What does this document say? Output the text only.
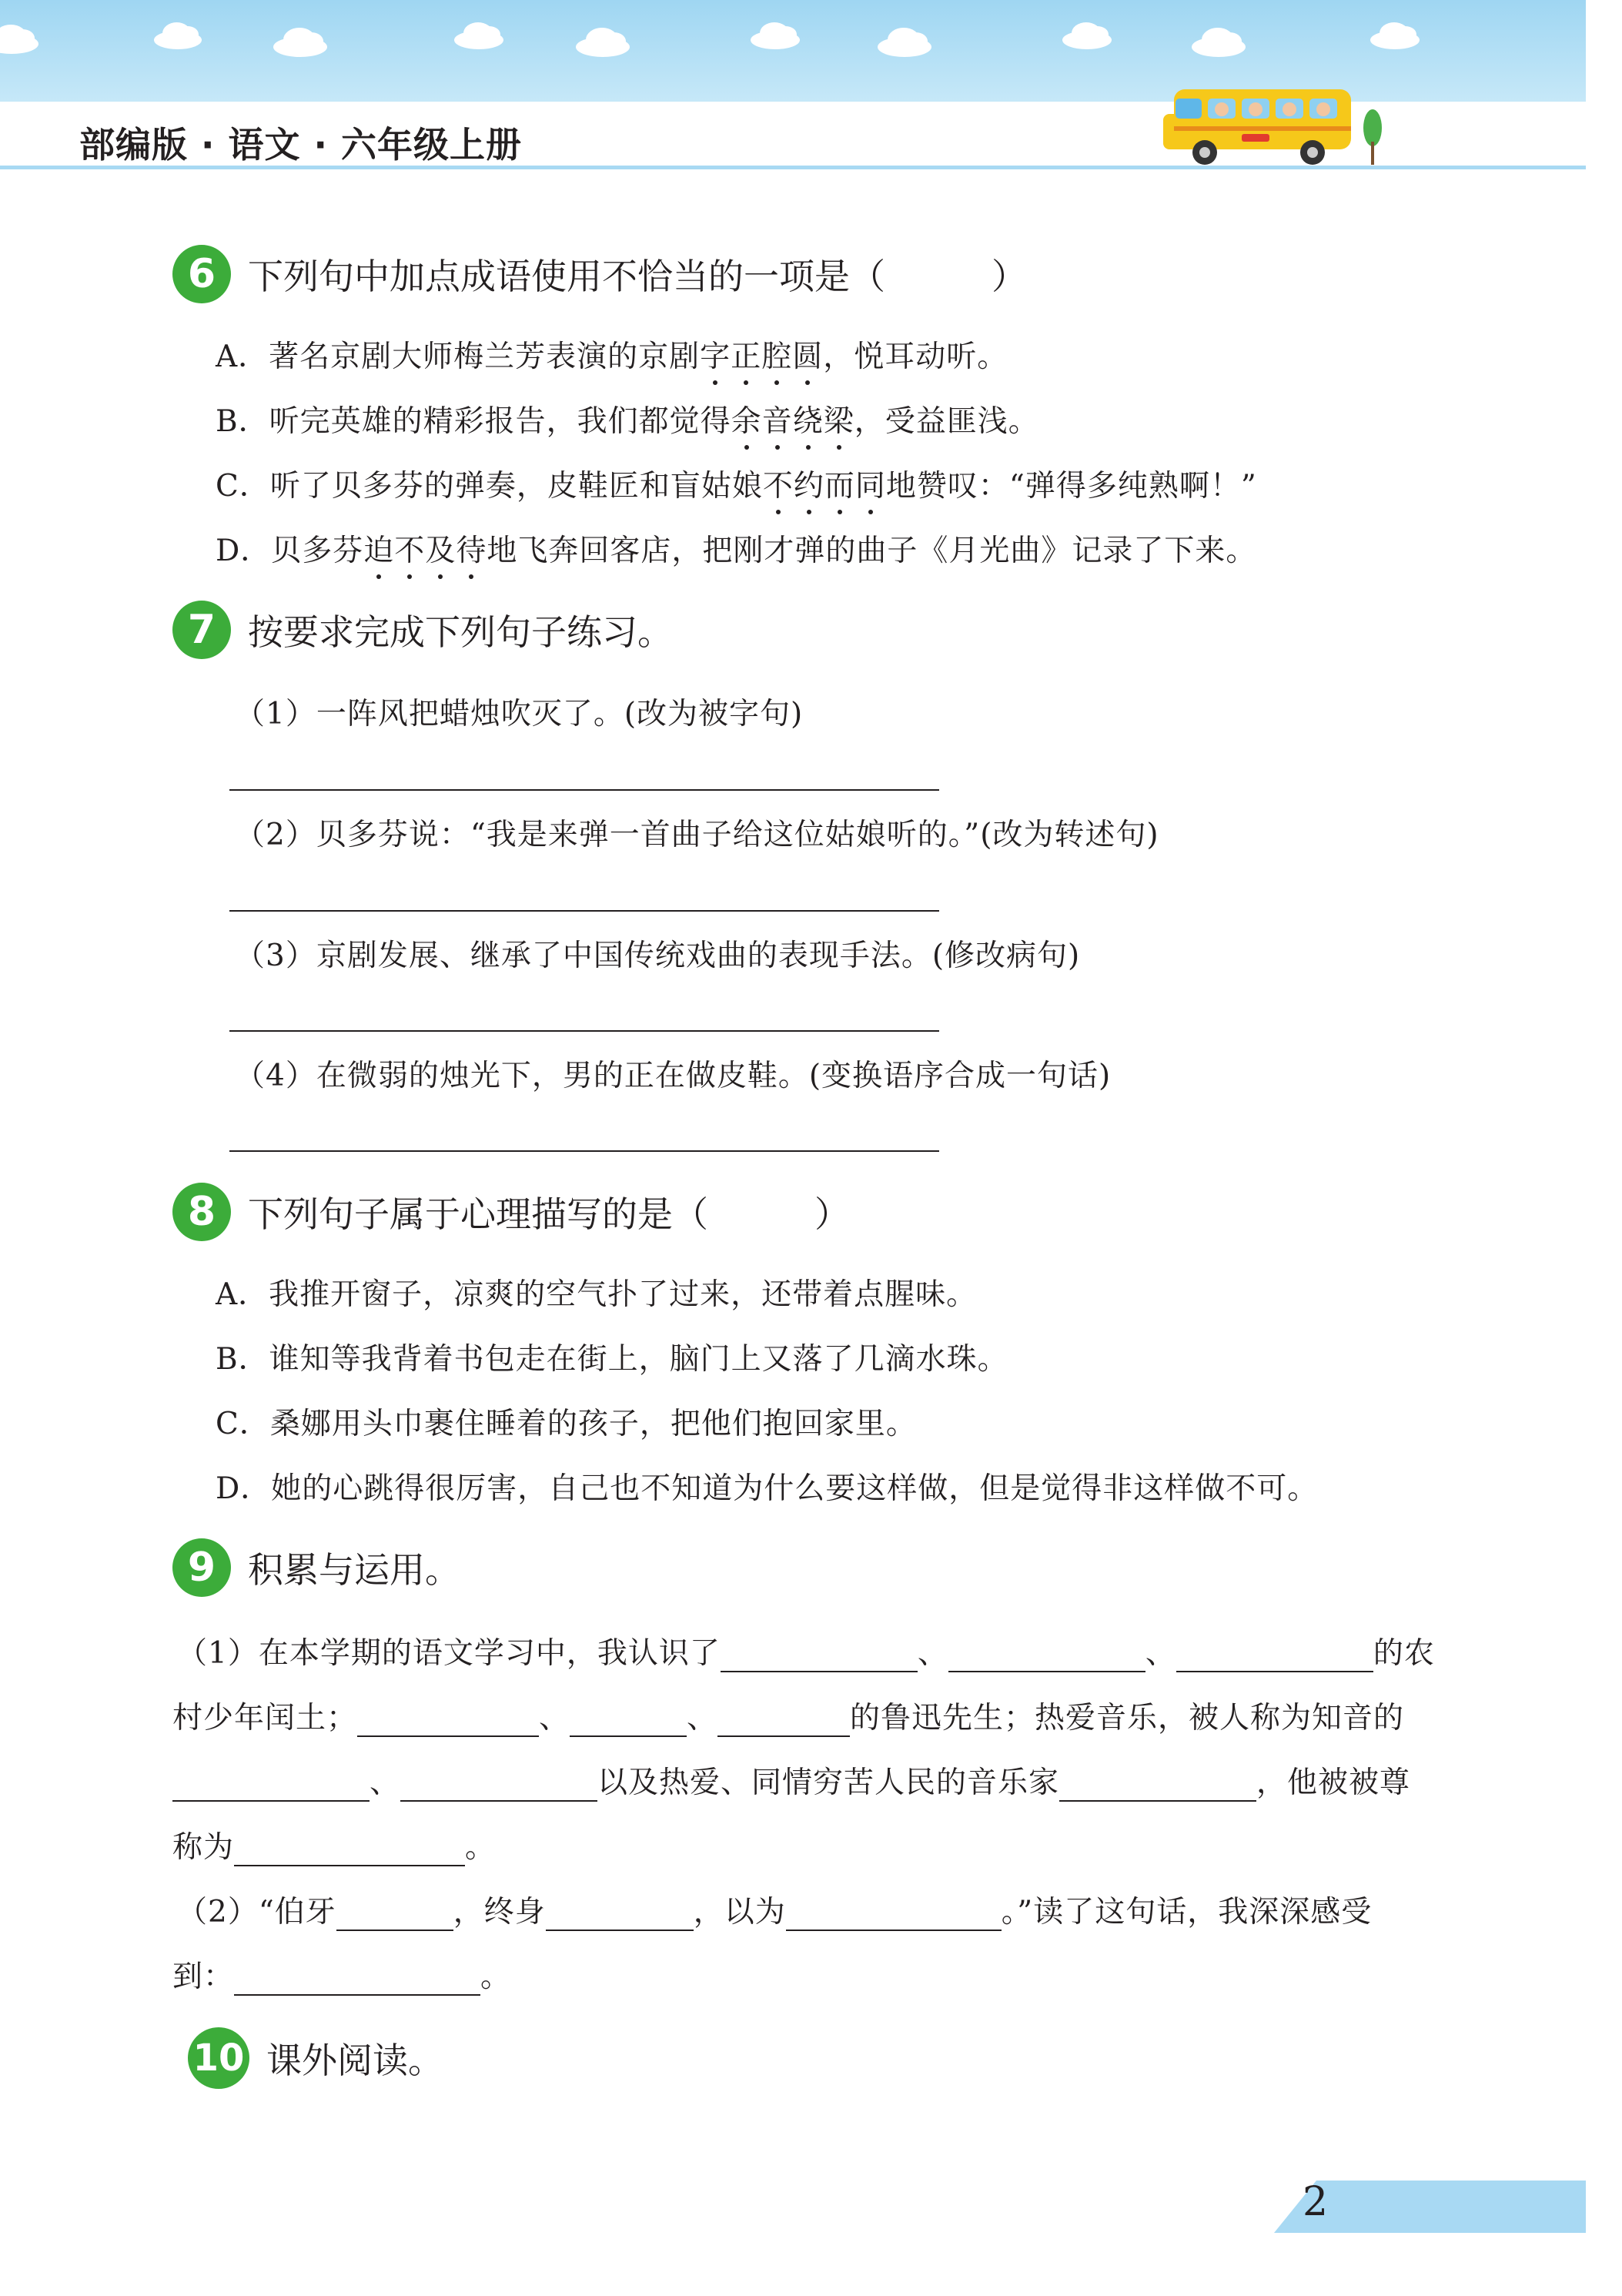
部编版 · 语文 · 六年级上册
6 下列句中加点成语使用不恰当的一项是（　　　）
A．著名京剧大师梅兰芳表演的京剧字正腔圆，悦耳动听。
B．听完英雄的精彩报告，我们都觉得余音绕梁，受益匪浅。
C．听了贝多芬的弹奏，皮鞋匠和盲姑娘不约而同地赞叹：“弹得多纯熟啊！”
D．贝多芬迫不及待地飞奔回客店，把刚才弹的曲子《月光曲》记录了下来。
7 按要求完成下列句子练习。
（1）一阵风把蜡烛吹灭了。(改为被字句)
（2）贝多芬说：“我是来弹一首曲子给这位姑娘听的。”(改为转述句)
（3）京剧发展、继承了中国传统戏曲的表现手法。(修改病句)
（4）在微弱的烛光下，男的正在做皮鞋。(变换语序合成一句话)
8 下列句子属于心理描写的是（　　　）
A．我推开窗子，凉爽的空气扑了过来，还带着点腥味。
B．谁知等我背着书包走在街上，脑门上又落了几滴水珠。
C．桑娜用头巾裹住睡着的孩子，把他们抱回家里。
D．她的心跳得很厉害，自己也不知道为什么要这样做，但是觉得非这样做不可。
9 积累与运用。
（1）在本学期的语文学习中，我认识了	、	、	的农
村少年闰土；	、	、	的鲁迅先生；热爱音乐，被人称为知音的
、	以及热爱、同情穷苦人民的音乐家	，他被被尊
称为	。
（2）“伯牙	，终身	，以为	。”读了这句话，我深深感受
到：	。
10 课外阅读。
2
